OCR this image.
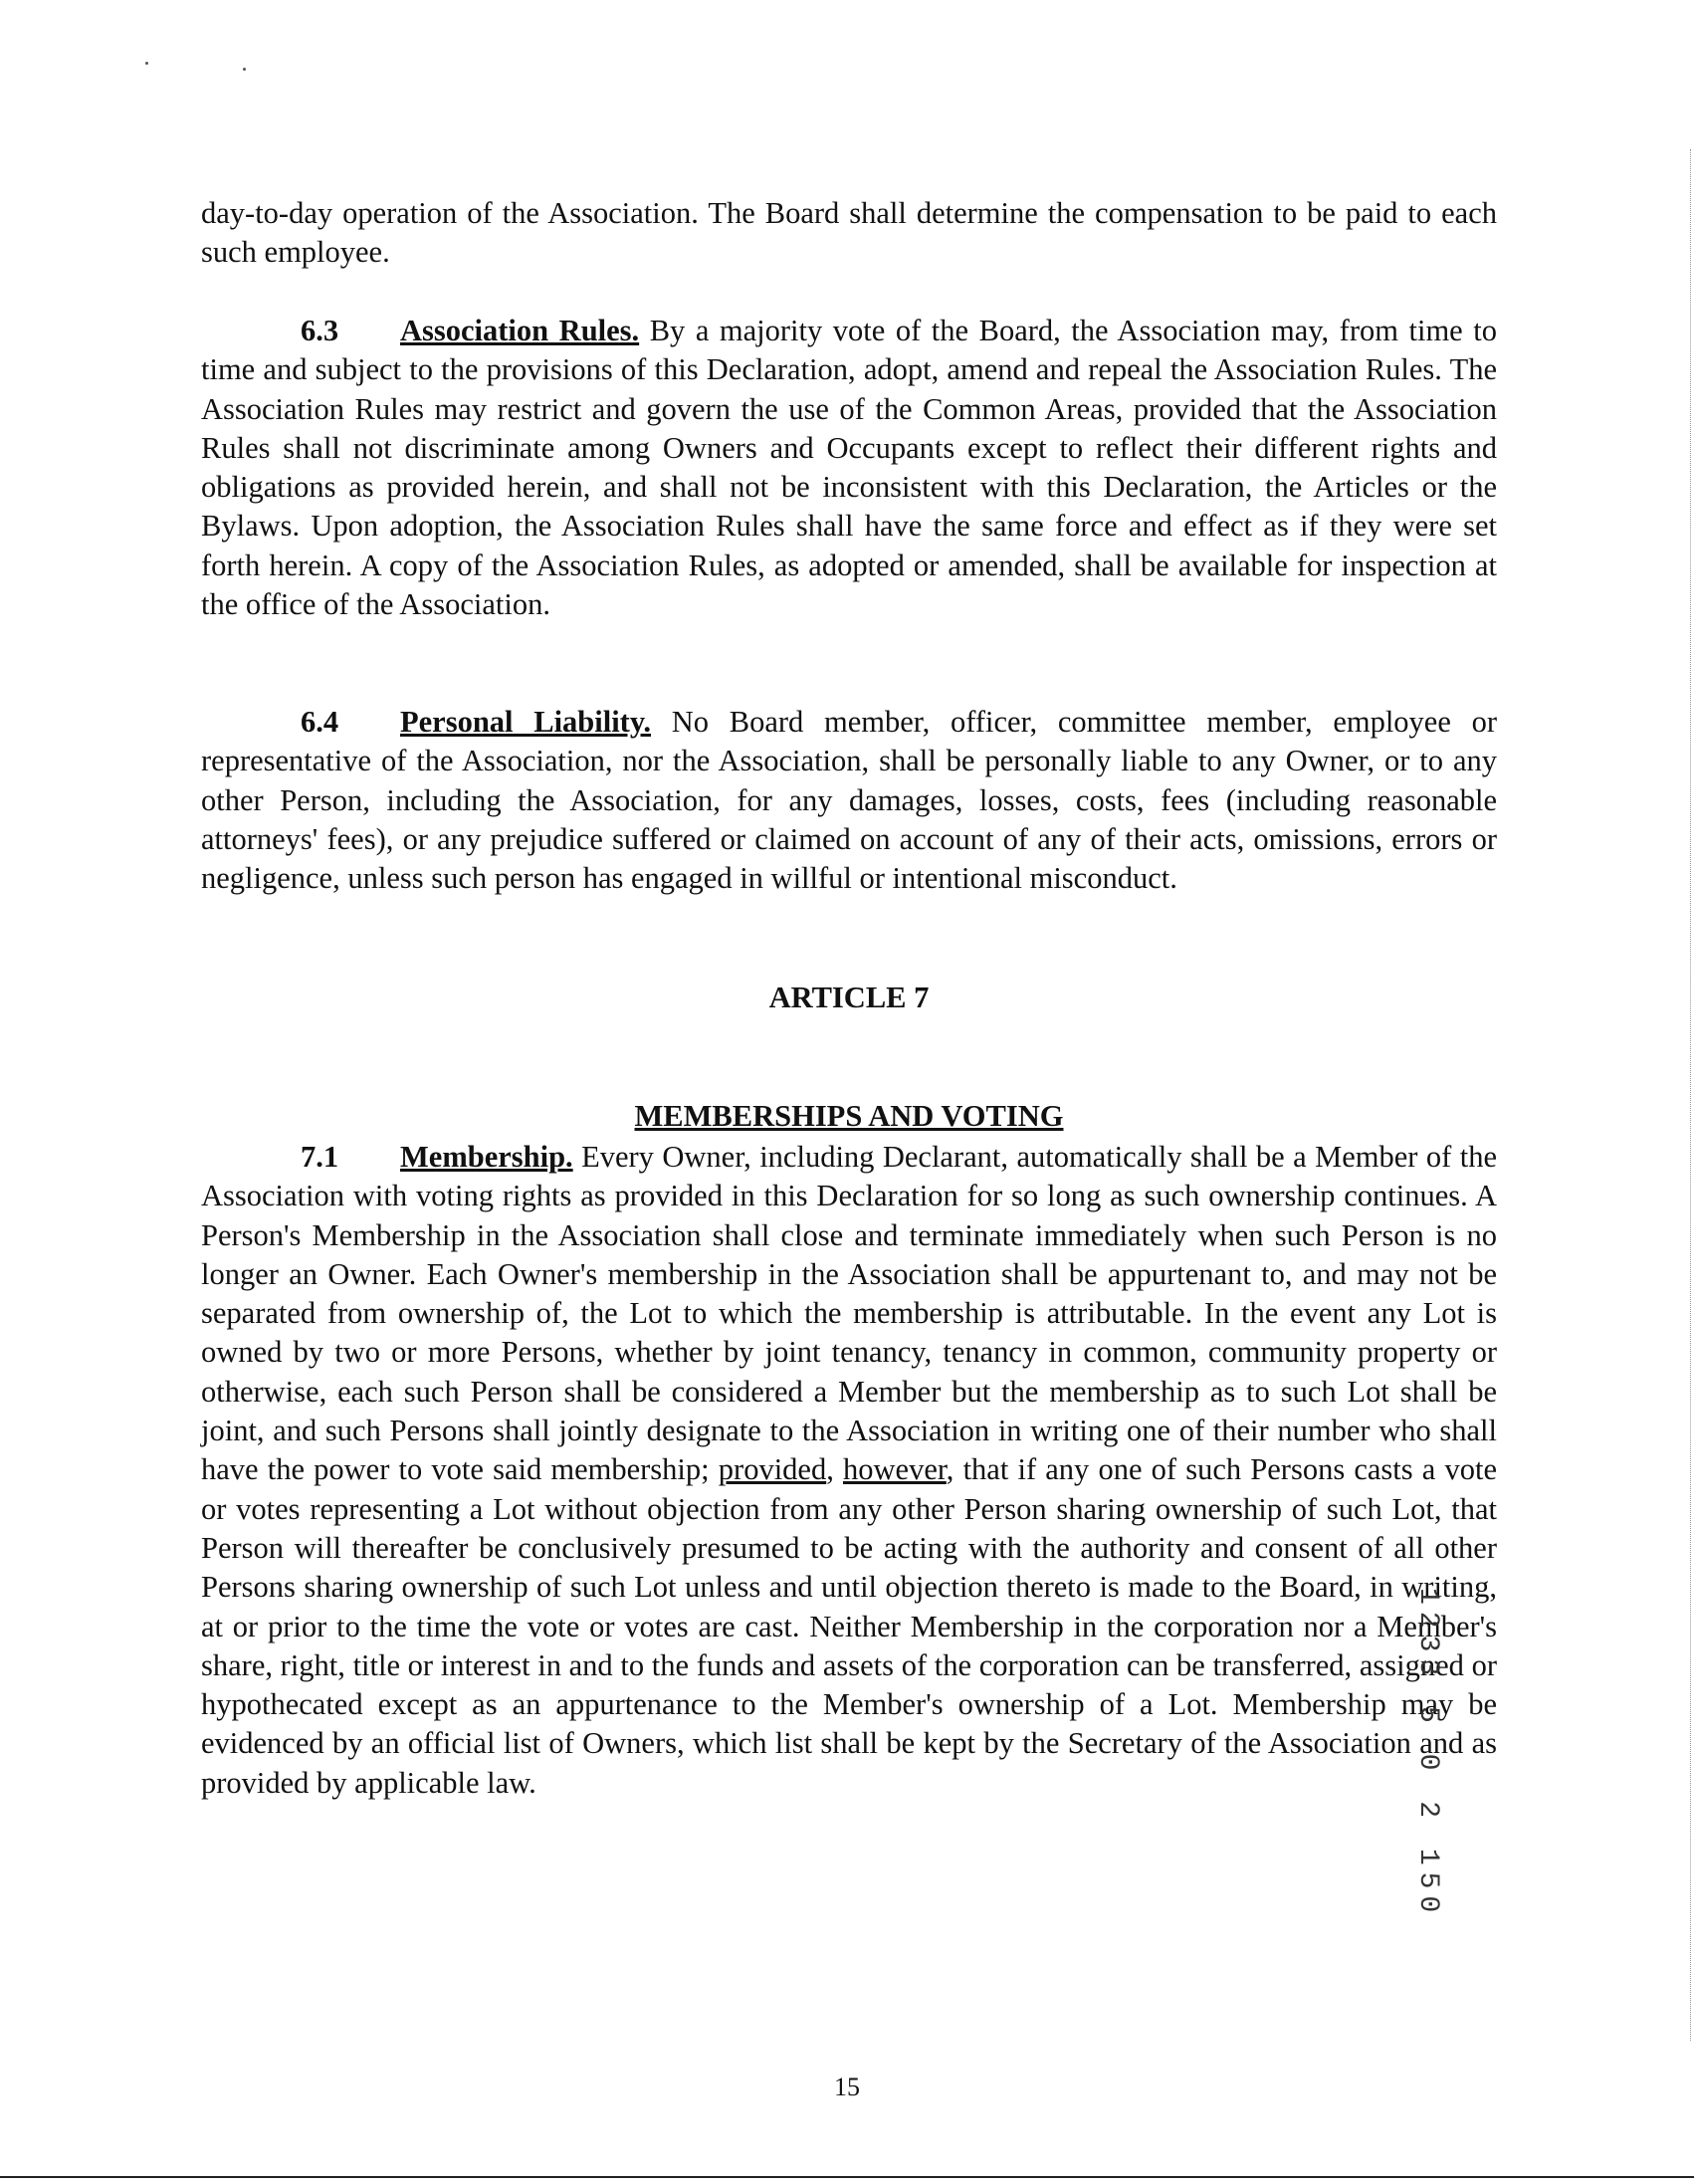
day-to-day operation of the Association. The Board shall determine the compensation to be paid to each such employee.

6.3 Association Rules. By a majority vote of the Board, the Association may, from time to time and subject to the provisions of this Declaration, adopt, amend and repeal the Association Rules. The Association Rules may restrict and govern the use of the Common Areas, provided that the Association Rules shall not discriminate among Owners and Occupants except to reflect their different rights and obligations as provided herein, and shall not be inconsistent with this Declaration, the Articles or the Bylaws. Upon adoption, the Association Rules shall have the same force and effect as if they were set forth herein. A copy of the Association Rules, as adopted or amended, shall be available for inspection at the office of the Association.

6.4 Personal Liability. No Board member, officer, committee member, employee or representative of the Association, nor the Association, shall be personally liable to any Owner, or to any other Person, including the Association, for any damages, losses, costs, fees (including reasonable attorneys' fees), or any prejudice suffered or claimed on account of any of their acts, omissions, errors or negligence, unless such person has engaged in willful or intentional misconduct.

ARTICLE 7
MEMBERSHIPS AND VOTING

7.1 Membership. Every Owner, including Declarant, automatically shall be a Member of the Association with voting rights as provided in this Declaration for so long as such ownership continues. A Person's Membership in the Association shall close and terminate immediately when such Person is no longer an Owner. Each Owner's membership in the Association shall be appurtenant to, and may not be separated from ownership of, the Lot to which the membership is attributable. In the event any Lot is owned by two or more Persons, whether by joint tenancy, tenancy in common, community property or otherwise, each such Person shall be considered a Member but the membership as to such Lot shall be joint, and such Persons shall jointly designate to the Association in writing one of their number who shall have the power to vote said membership; provided, however, that if any one of such Persons casts a vote or votes representing a Lot without objection from any other Person sharing ownership of such Lot, that Person will thereafter be conclusively presumed to be acting with the authority and consent of all other Persons sharing ownership of such Lot unless and until objection thereto is made to the Board, in writing, at or prior to the time the vote or votes are cast. Neither Membership in the corporation nor a Member's share, right, title or interest in and to the funds and assets of the corporation can be transferred, assigned or hypothecated except as an appurtenance to the Member's ownership of a Lot. Membership may be evidenced by an official list of Owners, which list shall be kept by the Secretary of the Association and as provided by applicable law.	1233 5 0 2 150
15
